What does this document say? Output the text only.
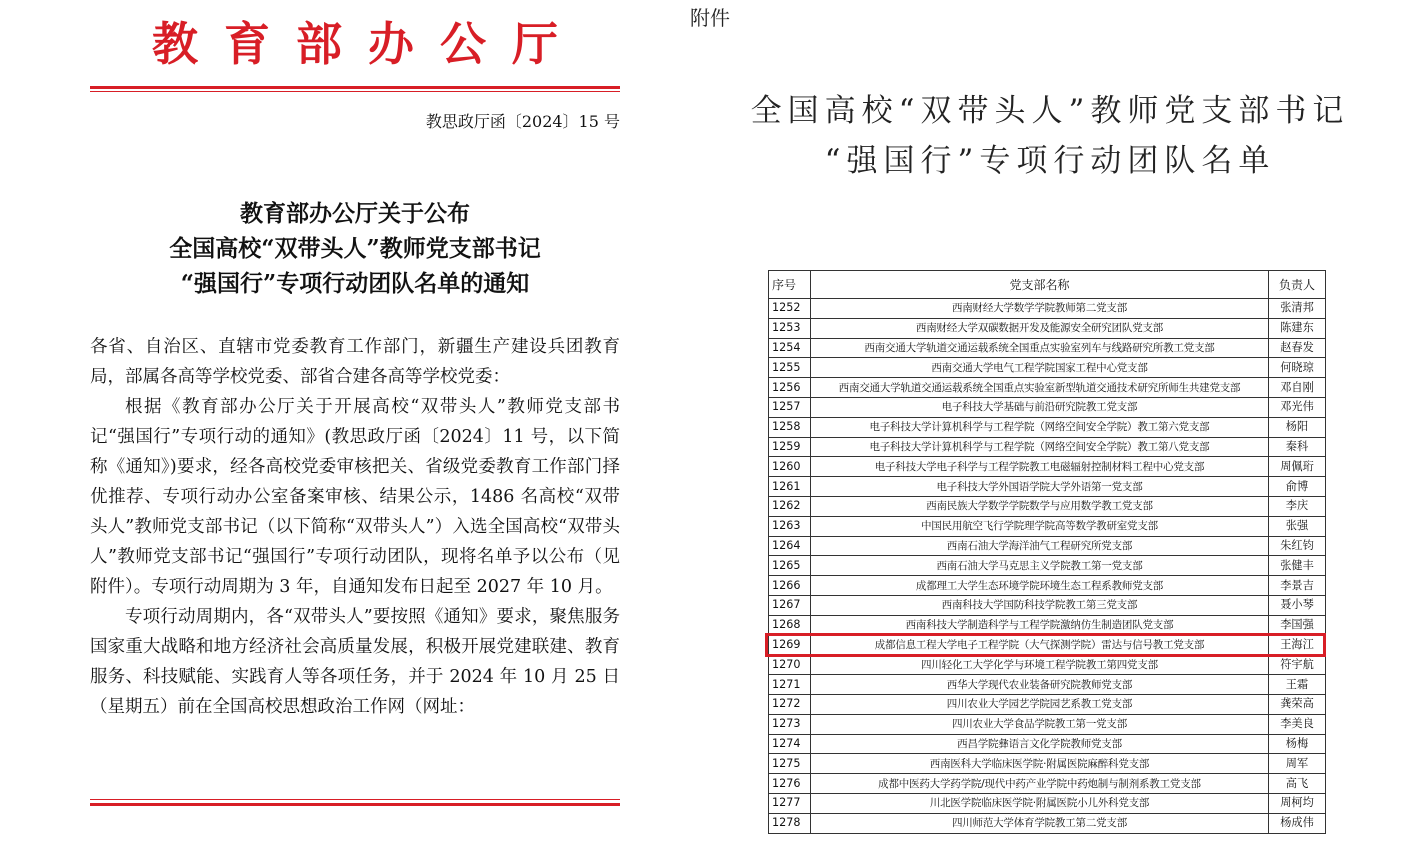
教育部办公厅
教思政厅函〔2024〕15 号
教育部办公厅关于公布
全国高校“双带头人”教师党支部书记
“强国行”专项行动团队名单的通知

各省、自治区、直辖市党委教育工作部门，新疆生产建设兵团教育局，部属各高等学校党委、部省合建各高等学校党委：

根据《教育部办公厅关于开展高校“双带头人”教师党支部书记“强国行”专项行动的通知》(教思政厅函〔2024〕11 号，以下简称《通知》)要求，经各高校党委审核把关、省级党委教育工作部门择优推荐、专项行动办公室备案审核、结果公示，1486 名高校“双带头人”教师党支部书记（以下简称“双带头人”）入选全国高校“双带头人”教师党支部书记“强国行”专项行动团队，现将名单予以公布（见附件）。专项行动周期为 3 年，自通知发布日起至 2027 年 10 月。

专项行动周期内，各“双带头人”要按照《通知》要求，聚焦服务国家重大战略和地方经济社会高质量发展，积极开展党建联建、教育服务、科技赋能、实践育人等各项任务，并于 2024 年 10 月 25 日（星期五）前在全国高校思想政治工作网（网址：

附件
全国高校“双带头人”教师党支部书记
“强国行”专项行动团队名单
序号	党支部名称	负责人
1252	西南财经大学数学学院教师第二党支部	张清邦
1253	西南财经大学双碳数据开发及能源安全研究团队党支部	陈建东
1254	西南交通大学轨道交通运载系统全国重点实验室列车与线路研究所教工党支部	赵春发
1255	西南交通大学电气工程学院国家工程中心党支部	何晓琼
1256	西南交通大学轨道交通运载系统全国重点实验室新型轨道交通技术研究所师生共建党支部	邓自刚
1257	电子科技大学基础与前沿研究院教工党支部	邓光伟
1258	电子科技大学计算机科学与工程学院（网络空间安全学院）教工第六党支部	杨阳
1259	电子科技大学计算机科学与工程学院（网络空间安全学院）教工第八党支部	秦科
1260	电子科技大学电子科学与工程学院教工电磁辐射控制材料工程中心党支部	周佩珩
1261	电子科技大学外国语学院大学外语第一党支部	俞博
1262	西南民族大学数学学院数学与应用数学教工党支部	李庆
1263	中国民用航空飞行学院理学院高等数学教研室党支部	张强
1264	西南石油大学海洋油气工程研究所党支部	朱红钧
1265	西南石油大学马克思主义学院教工第一党支部	张健丰
1266	成都理工大学生态环境学院环境生态工程系教师党支部	李景吉
1267	西南科技大学国防科技学院教工第三党支部	聂小琴
1268	西南科技大学制造科学与工程学院激纳仿生制造团队党支部	李国强
1269	成都信息工程大学电子工程学院（大气探测学院）雷达与信号教工党支部	王海江
1270	四川轻化工大学化学与环境工程学院教工第四党支部	符宇航
1271	西华大学现代农业装备研究院教师党支部	王霜
1272	四川农业大学园艺学院园艺系教工党支部	龚荣高
1273	四川农业大学食品学院教工第一党支部	李美良
1274	西昌学院彝语言文化学院教师党支部	杨梅
1275	西南医科大学临床医学院·附属医院麻醉科党支部	周军
1276	成都中医药大学药学院/现代中药产业学院中药炮制与制剂系教工党支部	高飞
1277	川北医学院临床医学院·附属医院小儿外科党支部	周柯均
1278	四川师范大学体育学院教工第二党支部	杨成伟
